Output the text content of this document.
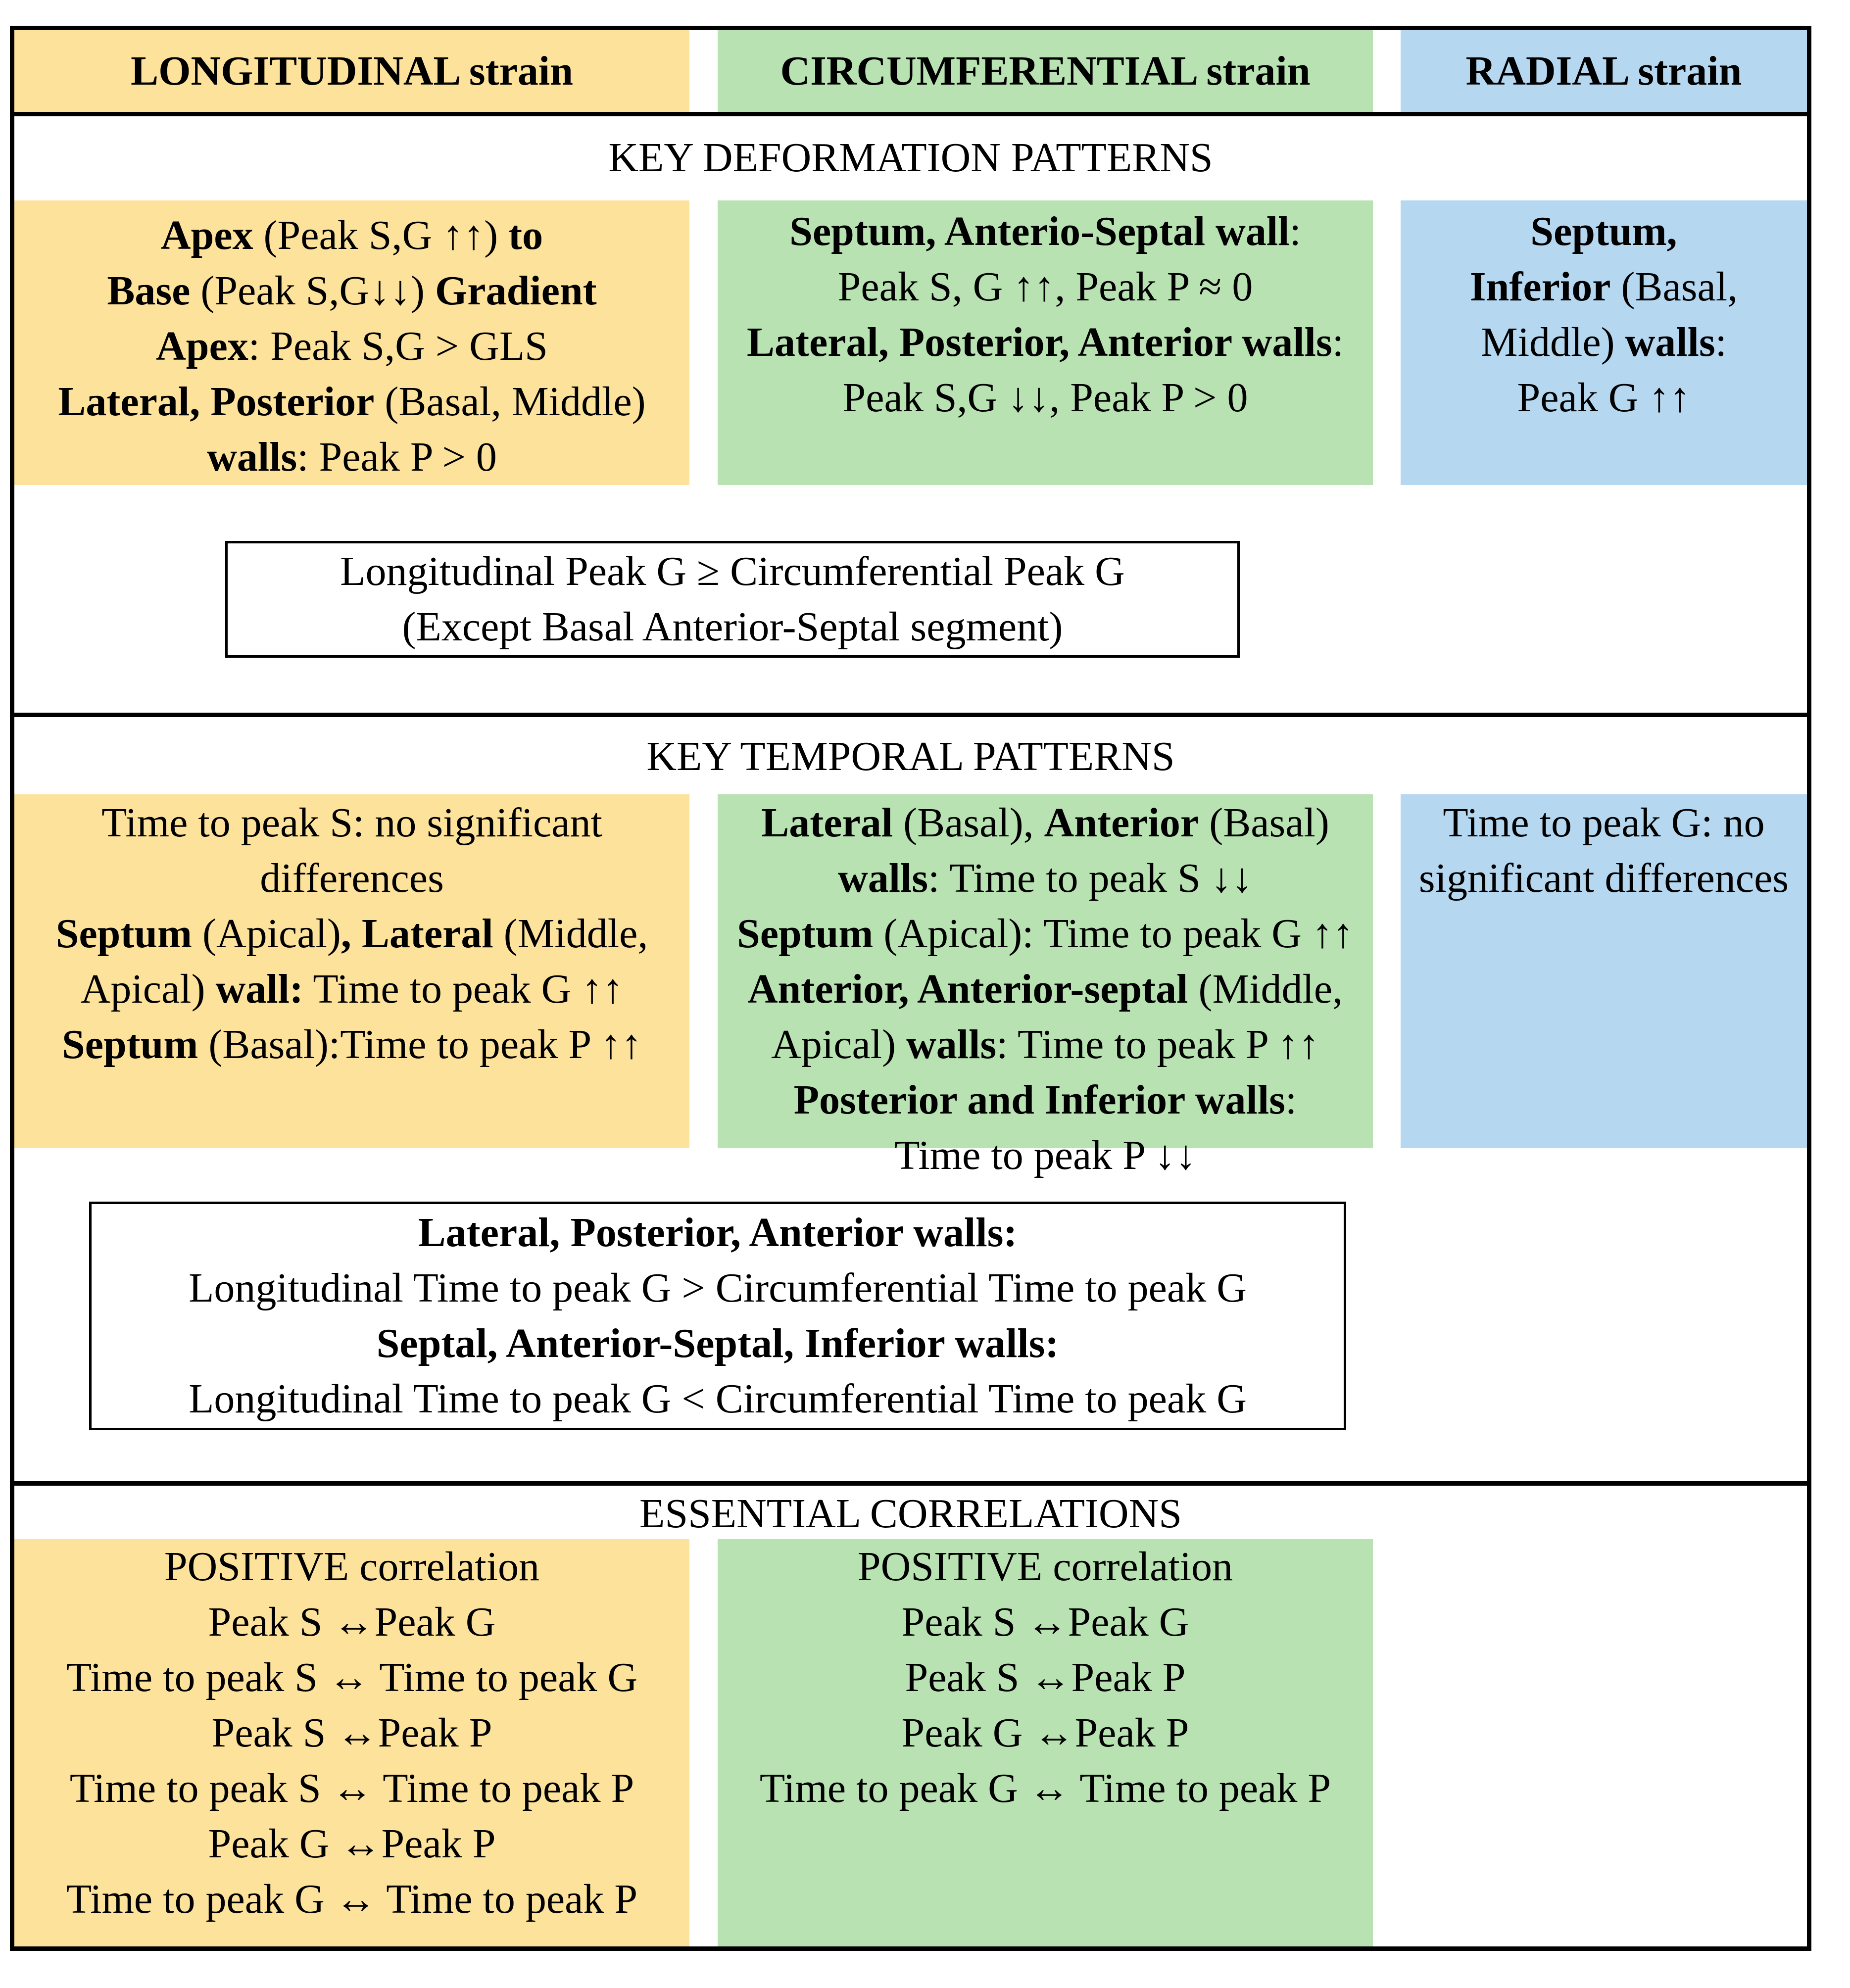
LONGITUDINAL strain	CIRCUMFERENTIAL strain	RADIAL strain
KEY DEFORMATION PATTERNS

Apex (Peak S,G ↑↑) to

Base (Peak S,G↓↓) Gradient

Apex: Peak S,G > GLS

Lateral, Posterior (Basal, Middle)

walls: Peak P > 0

Septum, Anterio-Septal wall:

Peak S, G ↑↑, Peak P ≈ 0

Lateral, Posterior, Anterior walls:

Peak S,G ↓↓, Peak P > 0

Septum,

Inferior (Basal,

Middle) walls:

Peak G ↑↑

Longitudinal Peak G ≥ Circumferential Peak G

(Except Basal Anterior-Septal segment)

KEY TEMPORAL PATTERNS

Time to peak S: no significant

differences

Septum (Apical), Lateral (Middle,

Apical) wall: Time to peak G ↑↑

Septum (Basal):Time to peak P ↑↑

Lateral (Basal), Anterior (Basal)

walls: Time to peak S ↓↓

Septum (Apical): Time to peak G ↑↑

Anterior, Anterior-septal (Middle,

Apical) walls: Time to peak P ↑↑

Posterior and Inferior walls:

Time to peak P ↓↓

Time to peak G: no

significant differences

Lateral, Posterior, Anterior walls:

Longitudinal Time to peak G > Circumferential Time to peak G

Septal, Anterior-Septal, Inferior walls:

Longitudinal Time to peak G < Circumferential Time to peak G

ESSENTIAL CORRELATIONS

POSITIVE correlation

Peak S ↔Peak G

Time to peak S ↔ Time to peak G

Peak S ↔Peak P

Time to peak S ↔ Time to peak P

Peak G ↔Peak P

Time to peak G ↔ Time to peak P

POSITIVE correlation

Peak S ↔Peak G

Peak S ↔Peak P

Peak G ↔Peak P

Time to peak G ↔ Time to peak P
